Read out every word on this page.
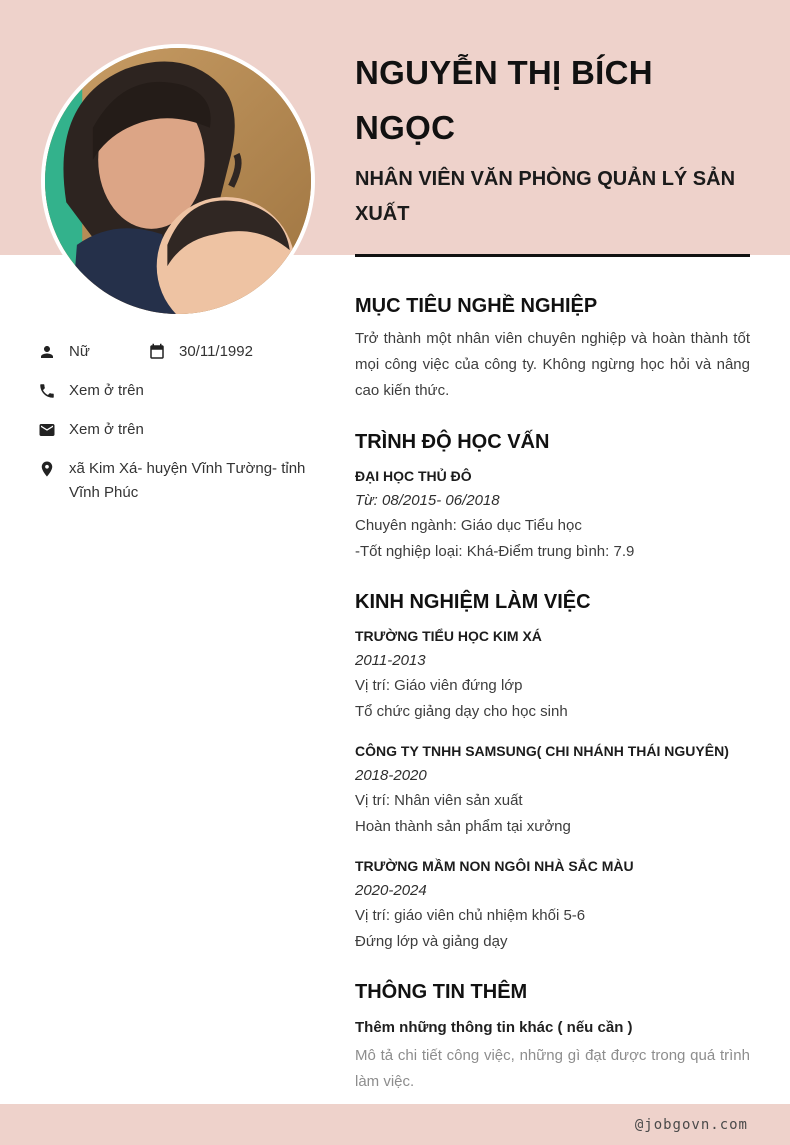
Nữ	30/11/1992
Xem ở trên
Xem ở trên
xã Kim Xá- huyện Vĩnh Tường- tỉnh Vĩnh Phúc
NGUYỄN THỊ BÍCH NGỌC
NHÂN VIÊN VĂN PHÒNG QUẢN LÝ SẢN XUẤT
MỤC TIÊU NGHỀ NGHIỆP

Trở thành một nhân viên chuyên nghiệp và hoàn thành tốt mọi công việc của công ty. Không ngừng học hỏi và nâng cao kiến thức.

TRÌNH ĐỘ HỌC VẤN
ĐẠI HỌC THỦ ĐÔ

Từ: 08/2015- 06/2018

Chuyên ngành: Giáo dục Tiểu học

-Tốt nghiệp loại: Khá-Điểm trung bình: 7.9

KINH NGHIỆM LÀM VIỆC
TRƯỜNG TIỂU HỌC KIM XÁ

2011-2013

Vị trí: Giáo viên đứng lớp

Tổ chức giảng dạy cho học sinh

CÔNG TY TNHH SAMSUNG( CHI NHÁNH THÁI NGUYÊN)

2018-2020

Vị trí: Nhân viên sản xuất

Hoàn thành sản phẩm tại xưởng

TRƯỜNG MẦM NON NGÔI NHÀ SẮC MÀU

2020-2024

Vị trí: giáo viên chủ nhiệm khối 5-6

Đứng lớp và giảng dạy

THÔNG TIN THÊM

Thêm những thông tin khác ( nếu cần )

Mô tả chi tiết công việc, những gì đạt được trong quá trình làm việc.

@jobgovn.com
